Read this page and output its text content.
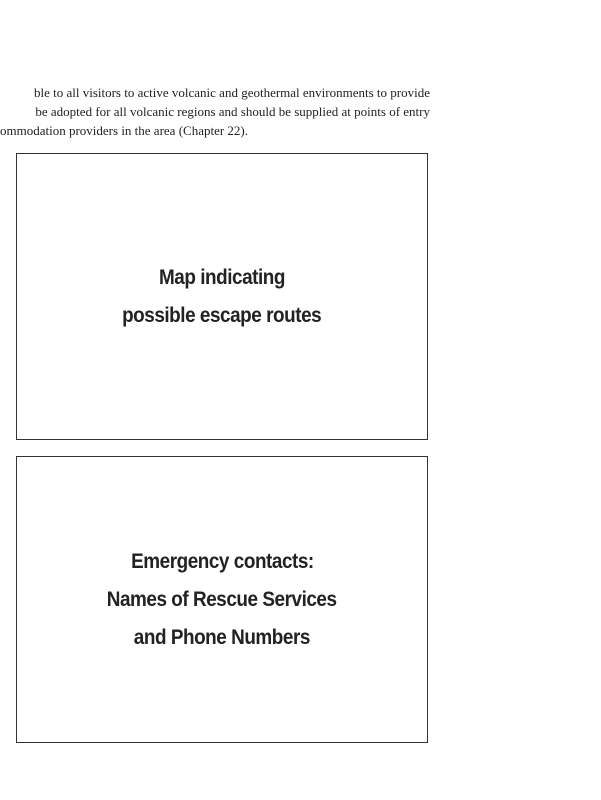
ble to all visitors to active volcanic and geothermal environments to provide
be adopted for all volcanic regions and should be supplied at points of entry
ommodation providers in the area (Chapter 22).
Map indicating
possible escape routes
Emergency contacts:
Names of Rescue Services
and Phone Numbers
